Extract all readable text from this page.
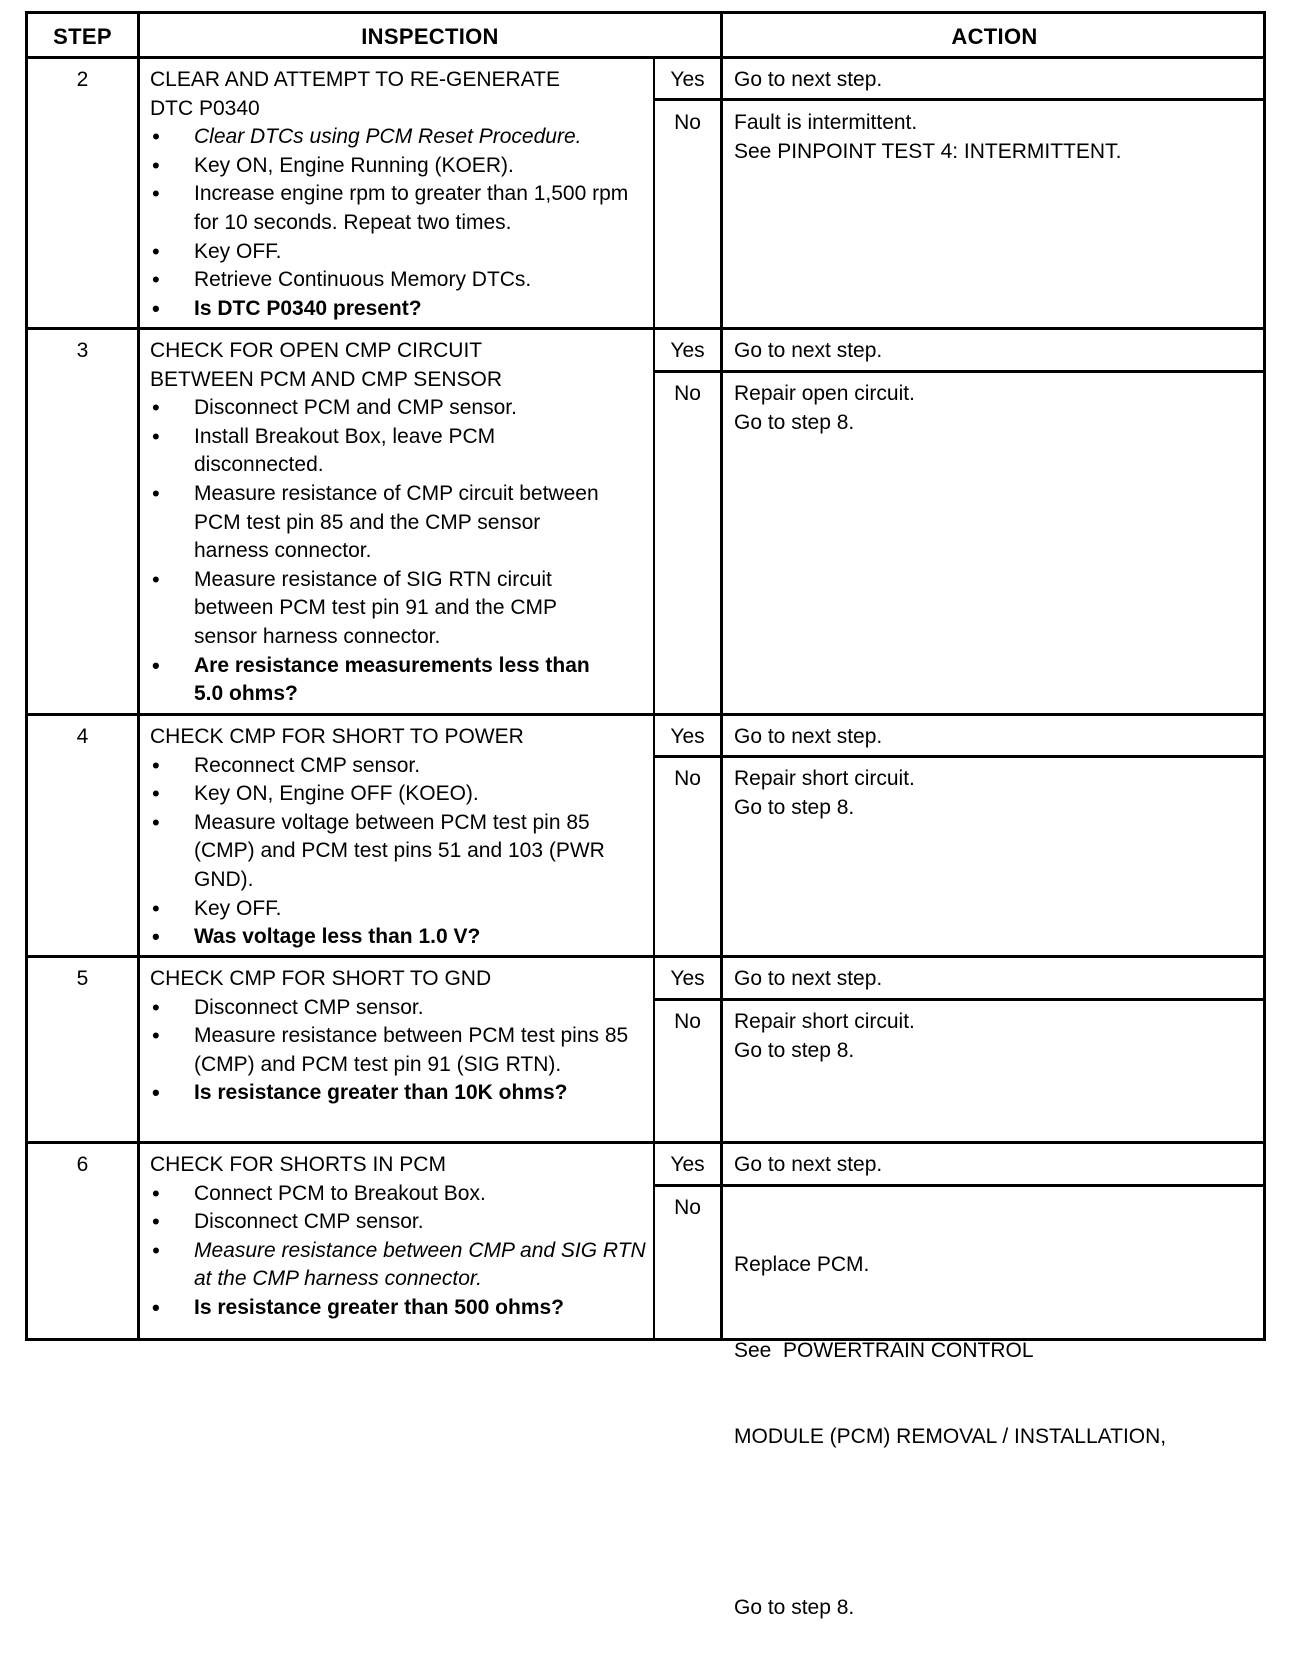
STEP	INSPECTION	ACTION
2	CLEAR AND ATTEMPT TO RE-GENERATE
DTC P0340
• Clear DTCs using PCM Reset Procedure.
• Key ON, Engine Running (KOER).
• Increase engine rpm to greater than 1,500 rpm for 10 seconds. Repeat two times.
• Key OFF.
• Retrieve Continuous Memory DTCs.
• Is DTC P0340 present?
Yes	Go to next step.
No	Fault is intermittent.
See PINPOINT TEST 4: INTERMITTENT.
3	CHECK FOR OPEN CMP CIRCUIT
BETWEEN PCM AND CMP SENSOR
• Disconnect PCM and CMP sensor.
• Install Breakout Box, leave PCM disconnected.
• Measure resistance of CMP circuit between PCM test pin 85 and the CMP sensor harness connector.
• Measure resistance of SIG RTN circuit between PCM test pin 91 and the CMP sensor harness connector.
• Are resistance measurements less than 5.0 ohms?
Yes	Go to next step.
No	Repair open circuit.
Go to step 8.
4	CHECK CMP FOR SHORT TO POWER
• Reconnect CMP sensor.
• Key ON, Engine OFF (KOEO).
• Measure voltage between PCM test pin 85 (CMP) and PCM test pins 51 and 103 (PWR GND).
• Key OFF.
• Was voltage less than 1.0 V?
Yes	Go to next step.
No	Repair short circuit.
Go to step 8.
5	CHECK CMP FOR SHORT TO GND
• Disconnect CMP sensor.
• Measure resistance between PCM test pins 85 (CMP) and PCM test pin 91 (SIG RTN).
• Is resistance greater than 10K ohms?
Yes	Go to next step.
No	Repair short circuit.
Go to step 8.
6	CHECK FOR SHORTS IN PCM
• Connect PCM to Breakout Box.
• Disconnect CMP sensor.
• Measure resistance between CMP and SIG RTN at the CMP harness connector.
• Is resistance greater than 500 ohms?
Yes	Go to next step.
No

Replace PCM.

See  POWERTRAIN CONTROL

MODULE (PCM) REMOVAL / INSTALLATION,

Go to step 8.
